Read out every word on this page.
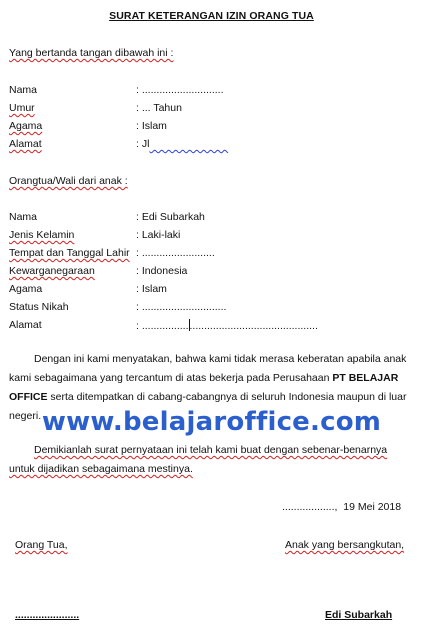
SURAT KETERANGAN IZIN ORANG TUA
Yang bertanda tangan dibawah ini :
Nama	: ............................
Umur	: ... Tahun
Agama	: Islam
Alamat	: Jl
Orangtua/Wali dari anak :
Nama	: Edi Subarkah
Jenis Kelamin	: Laki-laki
Tempat dan Tanggal Lahir : .........................
Kewarganegaraan	: Indonesia
Agama	: Islam
Status Nikah	: .............................
Alamat	: ............................................................
Dengan ini kami menyatakan, bahwa kami tidak merasa keberatan apabila anak kami sebagaimana yang tercantum di atas bekerja pada Perusahaan PT BELAJAR OFFICE serta ditempatkan di cabang-cabangnya di seluruh Indonesia maupun di luar negeri. www.belajaroffice.com
Demikianlah surat pernyataan ini telah kami buat dengan sebenar-benarnya untuk dijadikan sebagaimana mestinya.
.................., 19 Mei 2018
Orang Tua,	Anak yang bersangkutan,
......................	Edi Subarkah
